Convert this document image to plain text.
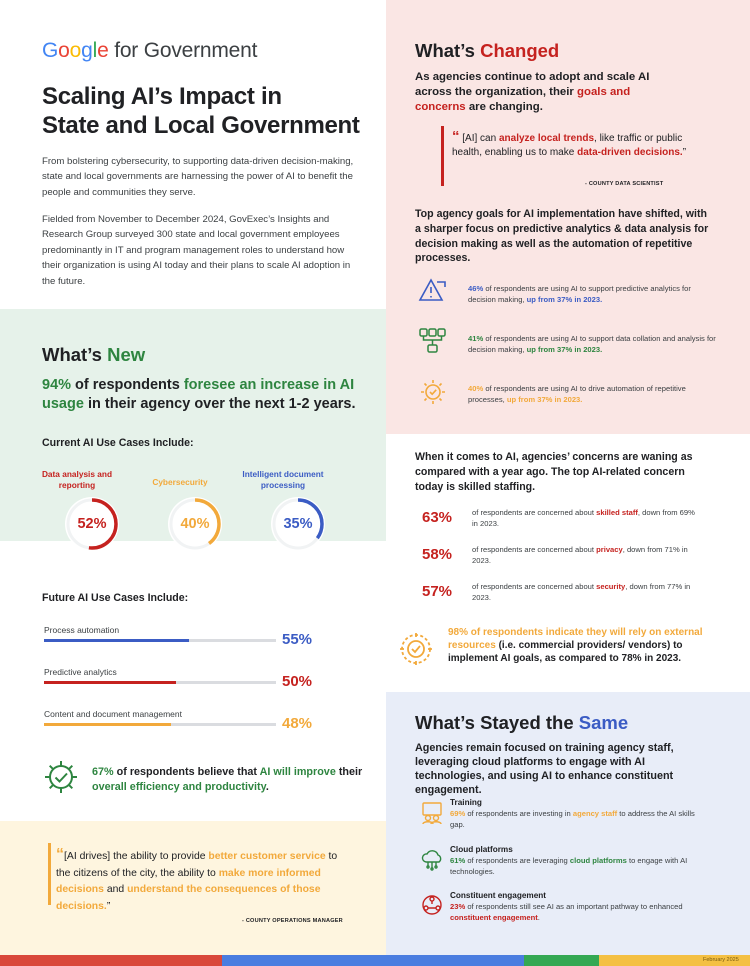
Google for Government
Scaling AI’s Impact in
State and Local Government
From bolstering cybersecurity, to supporting data-driven decision-making, state and local governments are harnessing the power of AI to benefit the people and communities they serve.
Fielded from November to December 2024, GovExec’s Insights and Research Group surveyed 300 state and local government employees predominantly in IT and program management roles to understand how their organization is using AI today and their plans to scale AI adoption in the future.
What’s New
94% of respondents foresee an increase in AI usage in their agency over the next 1-2 years.
Current AI Use Cases Include:
Data analysis and reporting
52%
Cybersecurity
40%
Intelligent document processing
35%
Future AI Use Cases Include:
Process automation
55%
Predictive analytics
50%
Content and document management
48%
67% of respondents believe that AI will improve their overall efficiency and productivity.
“[AI drives] the ability to provide better customer service to the citizens of the city, the ability to make more informed decisions and understand the consequences of those decisions.”
- COUNTY OPERATIONS MANAGER
What’s Changed
As agencies continue to adopt and scale AI across the organization, their goals and concerns are changing.
“ [AI] can analyze local trends, like traffic or public health, enabling us to make data-driven decisions.”
- COUNTY DATA SCIENTIST
Top agency goals for AI implementation have shifted, with a sharper focus on predictive analytics & data analysis for decision making as well as the automation of repetitive processes.
46% of respondents are using AI to support predictive analytics for decision making, up from 37% in 2023.
41% of respondents are using AI to support data collation and analysis for decision making, up from 37% in 2023.
40% of respondents are using AI to drive automation of repetitive processes, up from 37% in 2023.
When it comes to AI, agencies’ concerns are waning as compared with a year ago. The top AI-related concern today is skilled staffing.
63%	of respondents are concerned about skilled staff, down from 69% in 2023.
58%	of respondents are concerned about privacy, down from 71% in 2023.
57%	of respondents are concerned about security, down from 77% in 2023.
98% of respondents indicate they will rely on external resources (i.e. commercial providers/ vendors) to implement AI goals, as compared to 78% in 2023.
What’s Stayed the Same
Agencies remain focused on training agency staff, leveraging cloud platforms to engage with AI technologies, and using AI to enhance constituent engagement.
Training
69% of respondents are investing in agency staff to address the AI skills gap.
Cloud platforms
61% of respondents are leveraging cloud platforms to engage with AI technologies.
Constituent engagement
23% of respondents still see AI as an important pathway to enhanced constituent engagement.
February 2025
